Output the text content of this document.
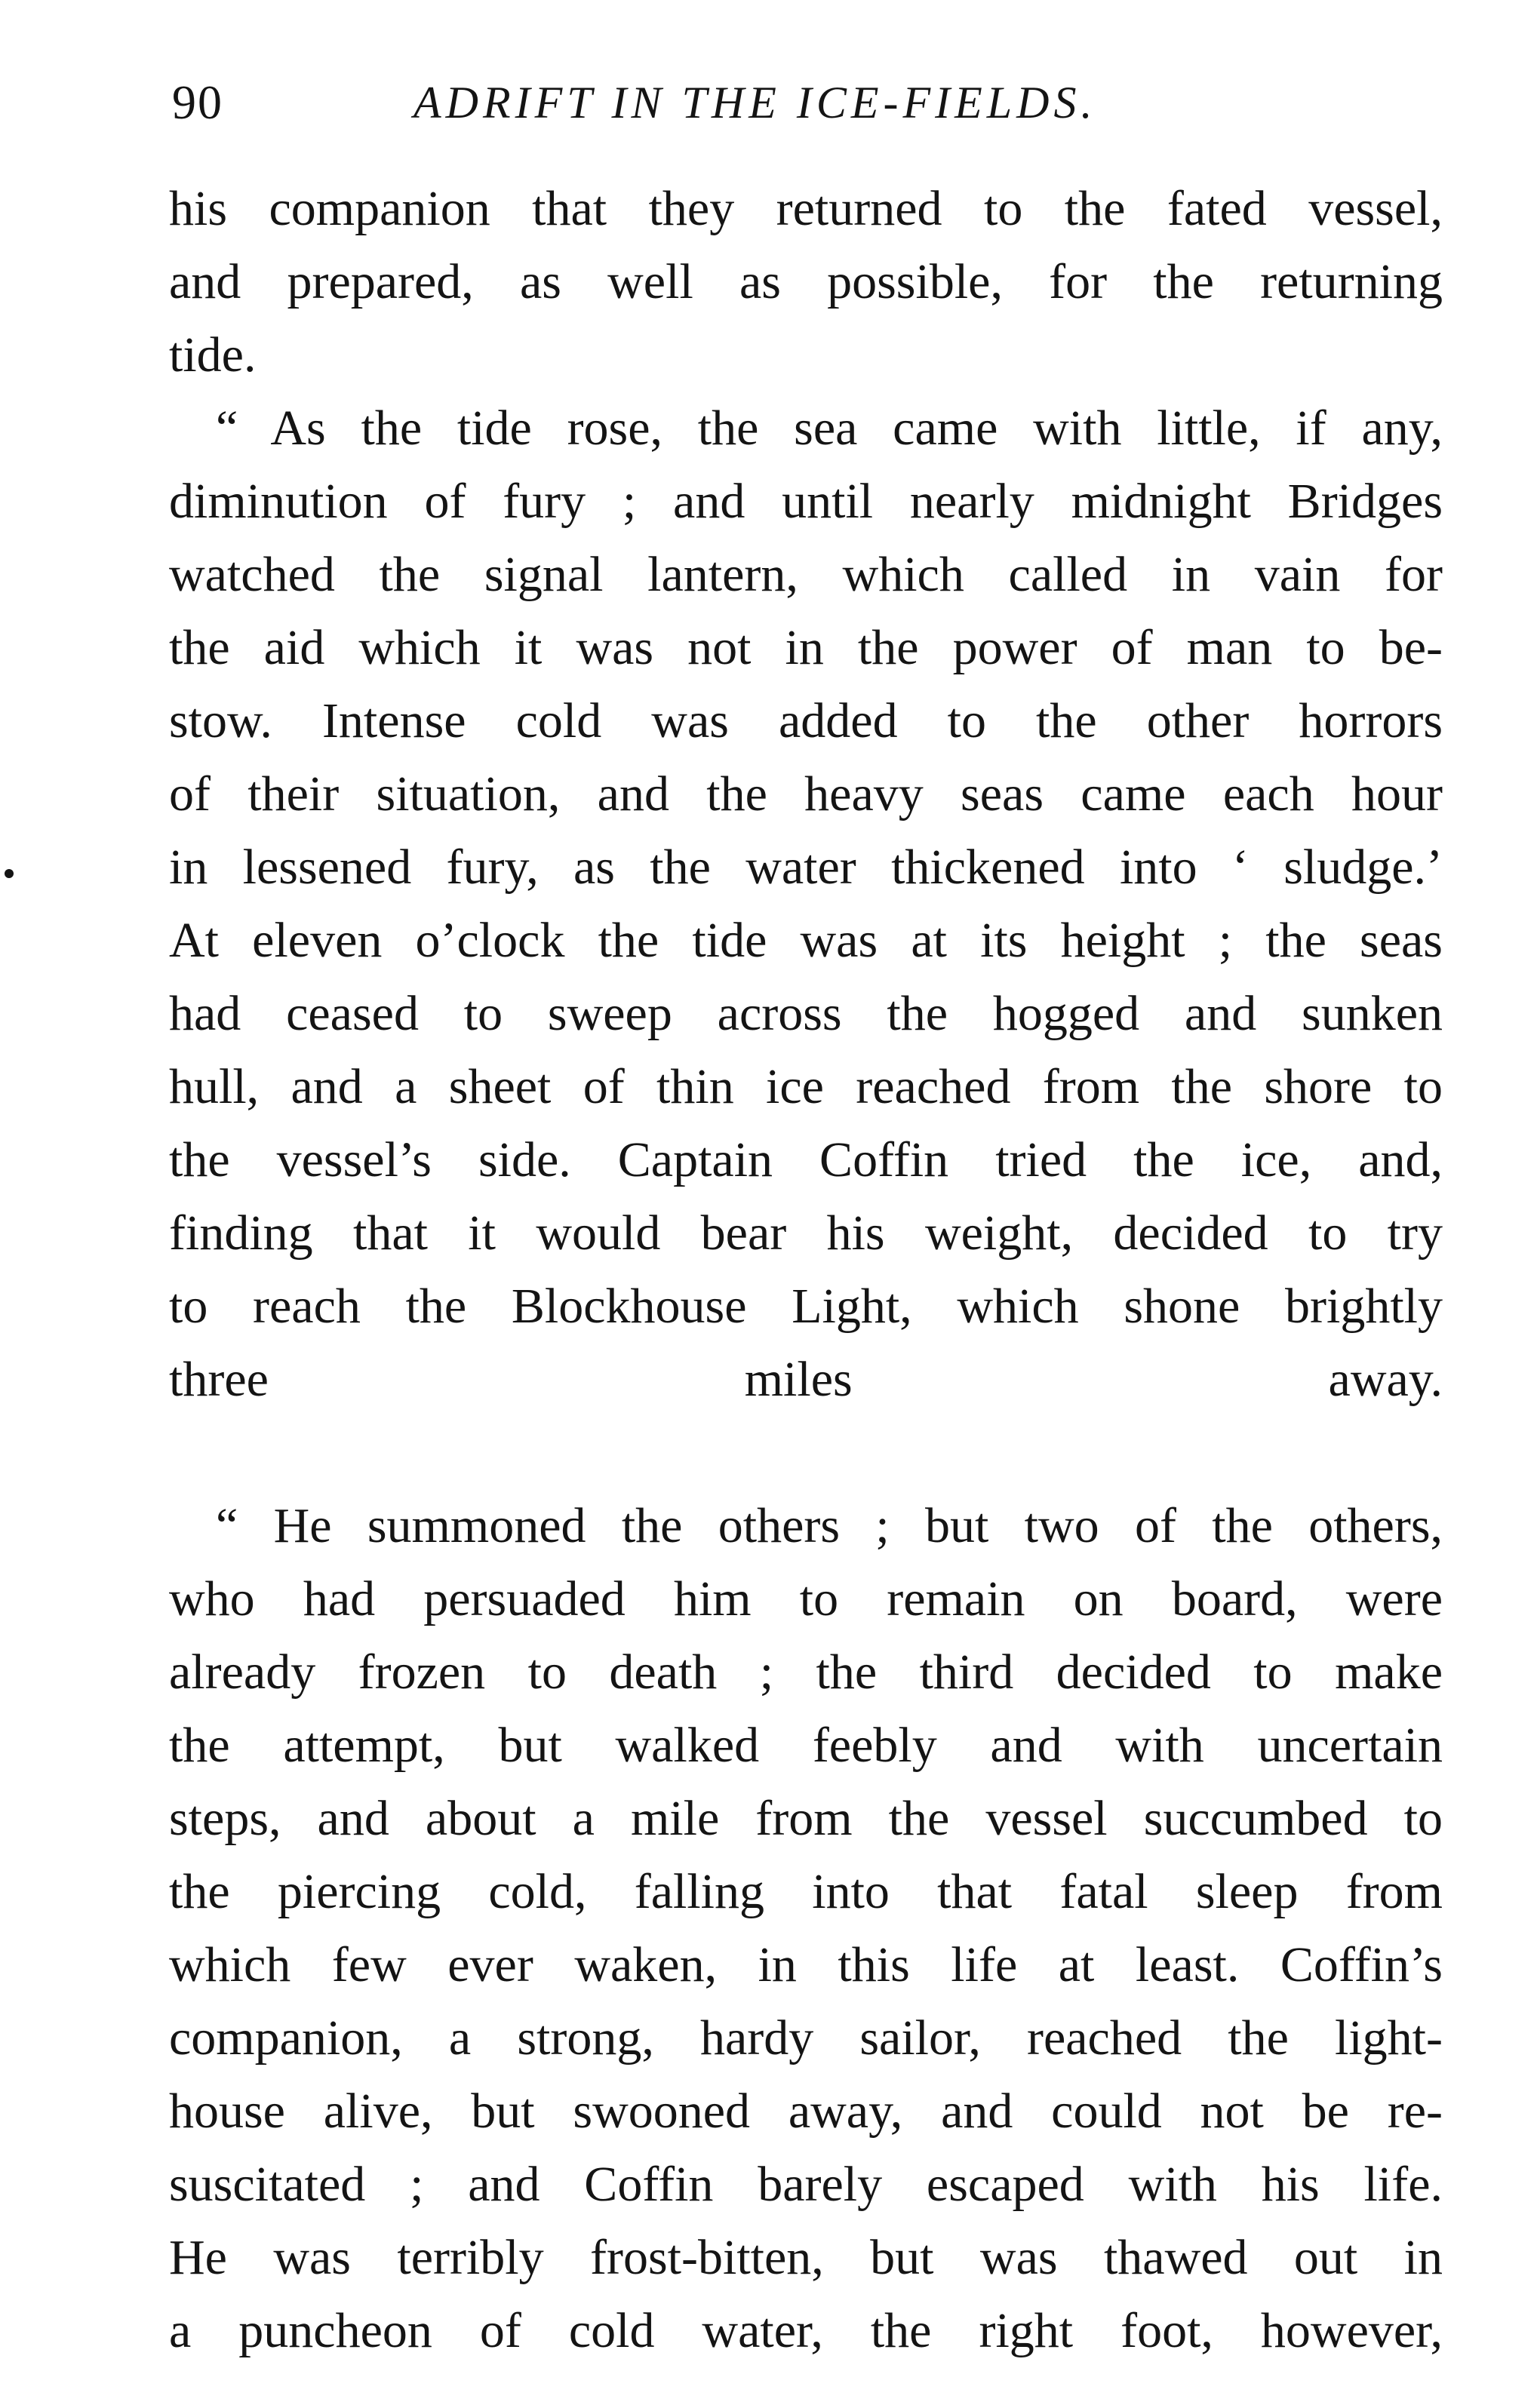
90	ADRIFT IN THE ICE-FIELDS.
his companion that they returned to the fated vessel,
and prepared, as well as possible, for the returning
tide.
“ As the tide rose, the sea came with little, if any,
diminution of fury ; and until nearly midnight Bridges
watched the signal lantern, which called in vain for
the aid which it was not in the power of man to be-
stow. Intense cold was added to the other horrors
of their situation, and the heavy seas came each hour
in lessened fury, as the water thickened into ‘ sludge.’
At eleven o’clock the tide was at its height ; the seas
had ceased to sweep across the hogged and sunken
hull, and a sheet of thin ice reached from the shore to
the vessel’s side. Captain Coffin tried the ice, and,
finding that it would bear his weight, decided to try
to reach the Blockhouse Light, which shone brightly
three miles away.
“ He summoned the others ; but two of the others,
who had persuaded him to remain on board, were
already frozen to death ; the third decided to make
the attempt, but walked feebly and with uncertain
steps, and about a mile from the vessel succumbed to
the piercing cold, falling into that fatal sleep from
which few ever waken, in this life at least. Coffin’s
companion, a strong, hardy sailor, reached the light-
house alive, but swooned away, and could not be re-
suscitated ; and Coffin barely escaped with his life.
He was terribly frost-bitten, but was thawed out in
a puncheon of cold water, the right foot, however,
